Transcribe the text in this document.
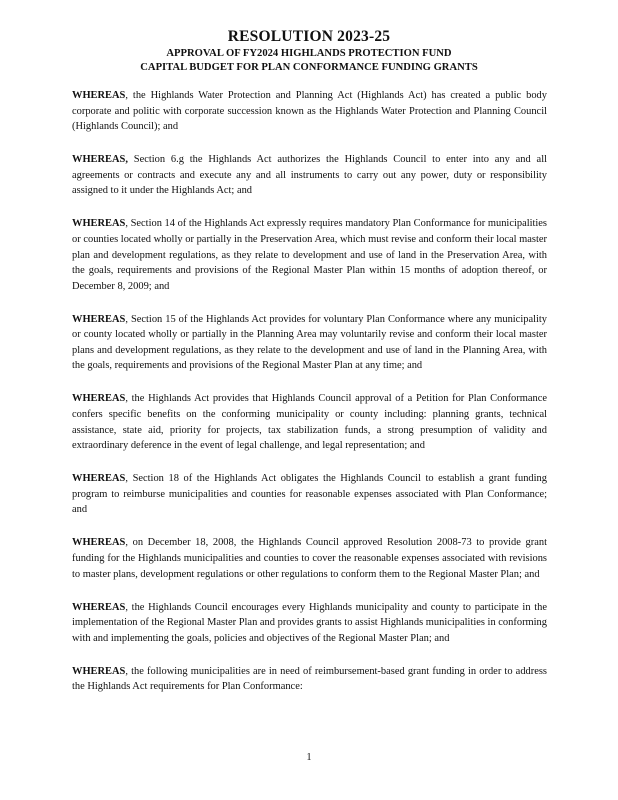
RESOLUTION 2023-25
APPROVAL OF FY2024 HIGHLANDS PROTECTION FUND
CAPITAL BUDGET FOR PLAN CONFORMANCE FUNDING GRANTS

WHEREAS, the Highlands Water Protection and Planning Act (Highlands Act) has created a public body corporate and politic with corporate succession known as the Highlands Water Protection and Planning Council (Highlands Council); and

WHEREAS, Section 6.g the Highlands Act authorizes the Highlands Council to enter into any and all agreements or contracts and execute any and all instruments to carry out any power, duty or responsibility assigned to it under the Highlands Act; and

WHEREAS, Section 14 of the Highlands Act expressly requires mandatory Plan Conformance for municipalities or counties located wholly or partially in the Preservation Area, which must revise and conform their local master plan and development regulations, as they relate to development and use of land in the Preservation Area, with the goals, requirements and provisions of the Regional Master Plan within 15 months of adoption thereof, or December 8, 2009; and

WHEREAS, Section 15 of the Highlands Act provides for voluntary Plan Conformance where any municipality or county located wholly or partially in the Planning Area may voluntarily revise and conform their local master plans and development regulations, as they relate to the development and use of land in the Planning Area, with the goals, requirements and provisions of the Regional Master Plan at any time; and

WHEREAS, the Highlands Act provides that Highlands Council approval of a Petition for Plan Conformance confers specific benefits on the conforming municipality or county including: planning grants, technical assistance, state aid, priority for projects, tax stabilization funds, a strong presumption of validity and extraordinary deference in the event of legal challenge, and legal representation; and

WHEREAS, Section 18 of the Highlands Act obligates the Highlands Council to establish a grant funding program to reimburse municipalities and counties for reasonable expenses associated with Plan Conformance; and

WHEREAS, on December 18, 2008, the Highlands Council approved Resolution 2008-73 to provide grant funding for the Highlands municipalities and counties to cover the reasonable expenses associated with revisions to master plans, development regulations or other regulations to conform them to the Regional Master Plan; and

WHEREAS, the Highlands Council encourages every Highlands municipality and county to participate in the implementation of the Regional Master Plan and provides grants to assist Highlands municipalities in conforming with and implementing the goals, policies and objectives of the Regional Master Plan; and

WHEREAS, the following municipalities are in need of reimbursement-based grant funding in order to address the Highlands Act requirements for Plan Conformance:

1
